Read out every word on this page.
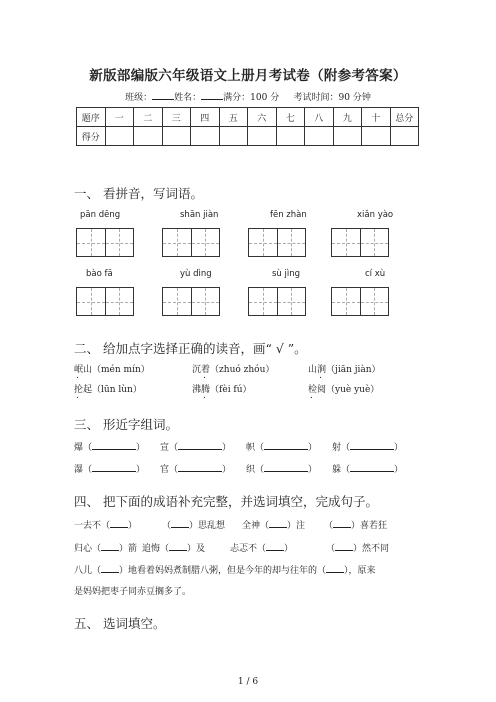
新版部编版六年级语文上册月考试卷（附参考答案）
班级： 姓名： 满分：100 分 考试时间：90 分钟
题序	一	二	三	四	五	六	七	八	九	十	总分
得分											
一、 看拼音，写词语。
pān dēng	shān jiàn	fēn zhàn	xiǎn yào
bào fā	yù dìng	sù jìng	cí xù
二、 给加点字选择正确的读音，画“ √ ”。
岷山（mén mín）	沉着（zhuó zhóu）	山涧（jiān jiàn）
抡起（lūn lùn）	沸腾（fèi fú）	检阅（yuè yuè）
三、 形近字组词。
爆（	） 宣（	） 帜（	） 射（	）
瀑（	） 官（	） 织（	） 躲（	）
四、 把下面的成语补充完整，并选词填空，完成句子。
一去不（ ）	（ ）思乱想 全神（ ）注 （ ）喜若狂
归心（ ）箭 追悔（ ）及	忐忑不（ ）	（ ）然不同
八儿（ ）地看着妈妈煮制腊八粥，但是今年的却与往年的（ ），原来
是妈妈把枣子同赤豆搁多了。
五、 选词填空。
1 / 6
